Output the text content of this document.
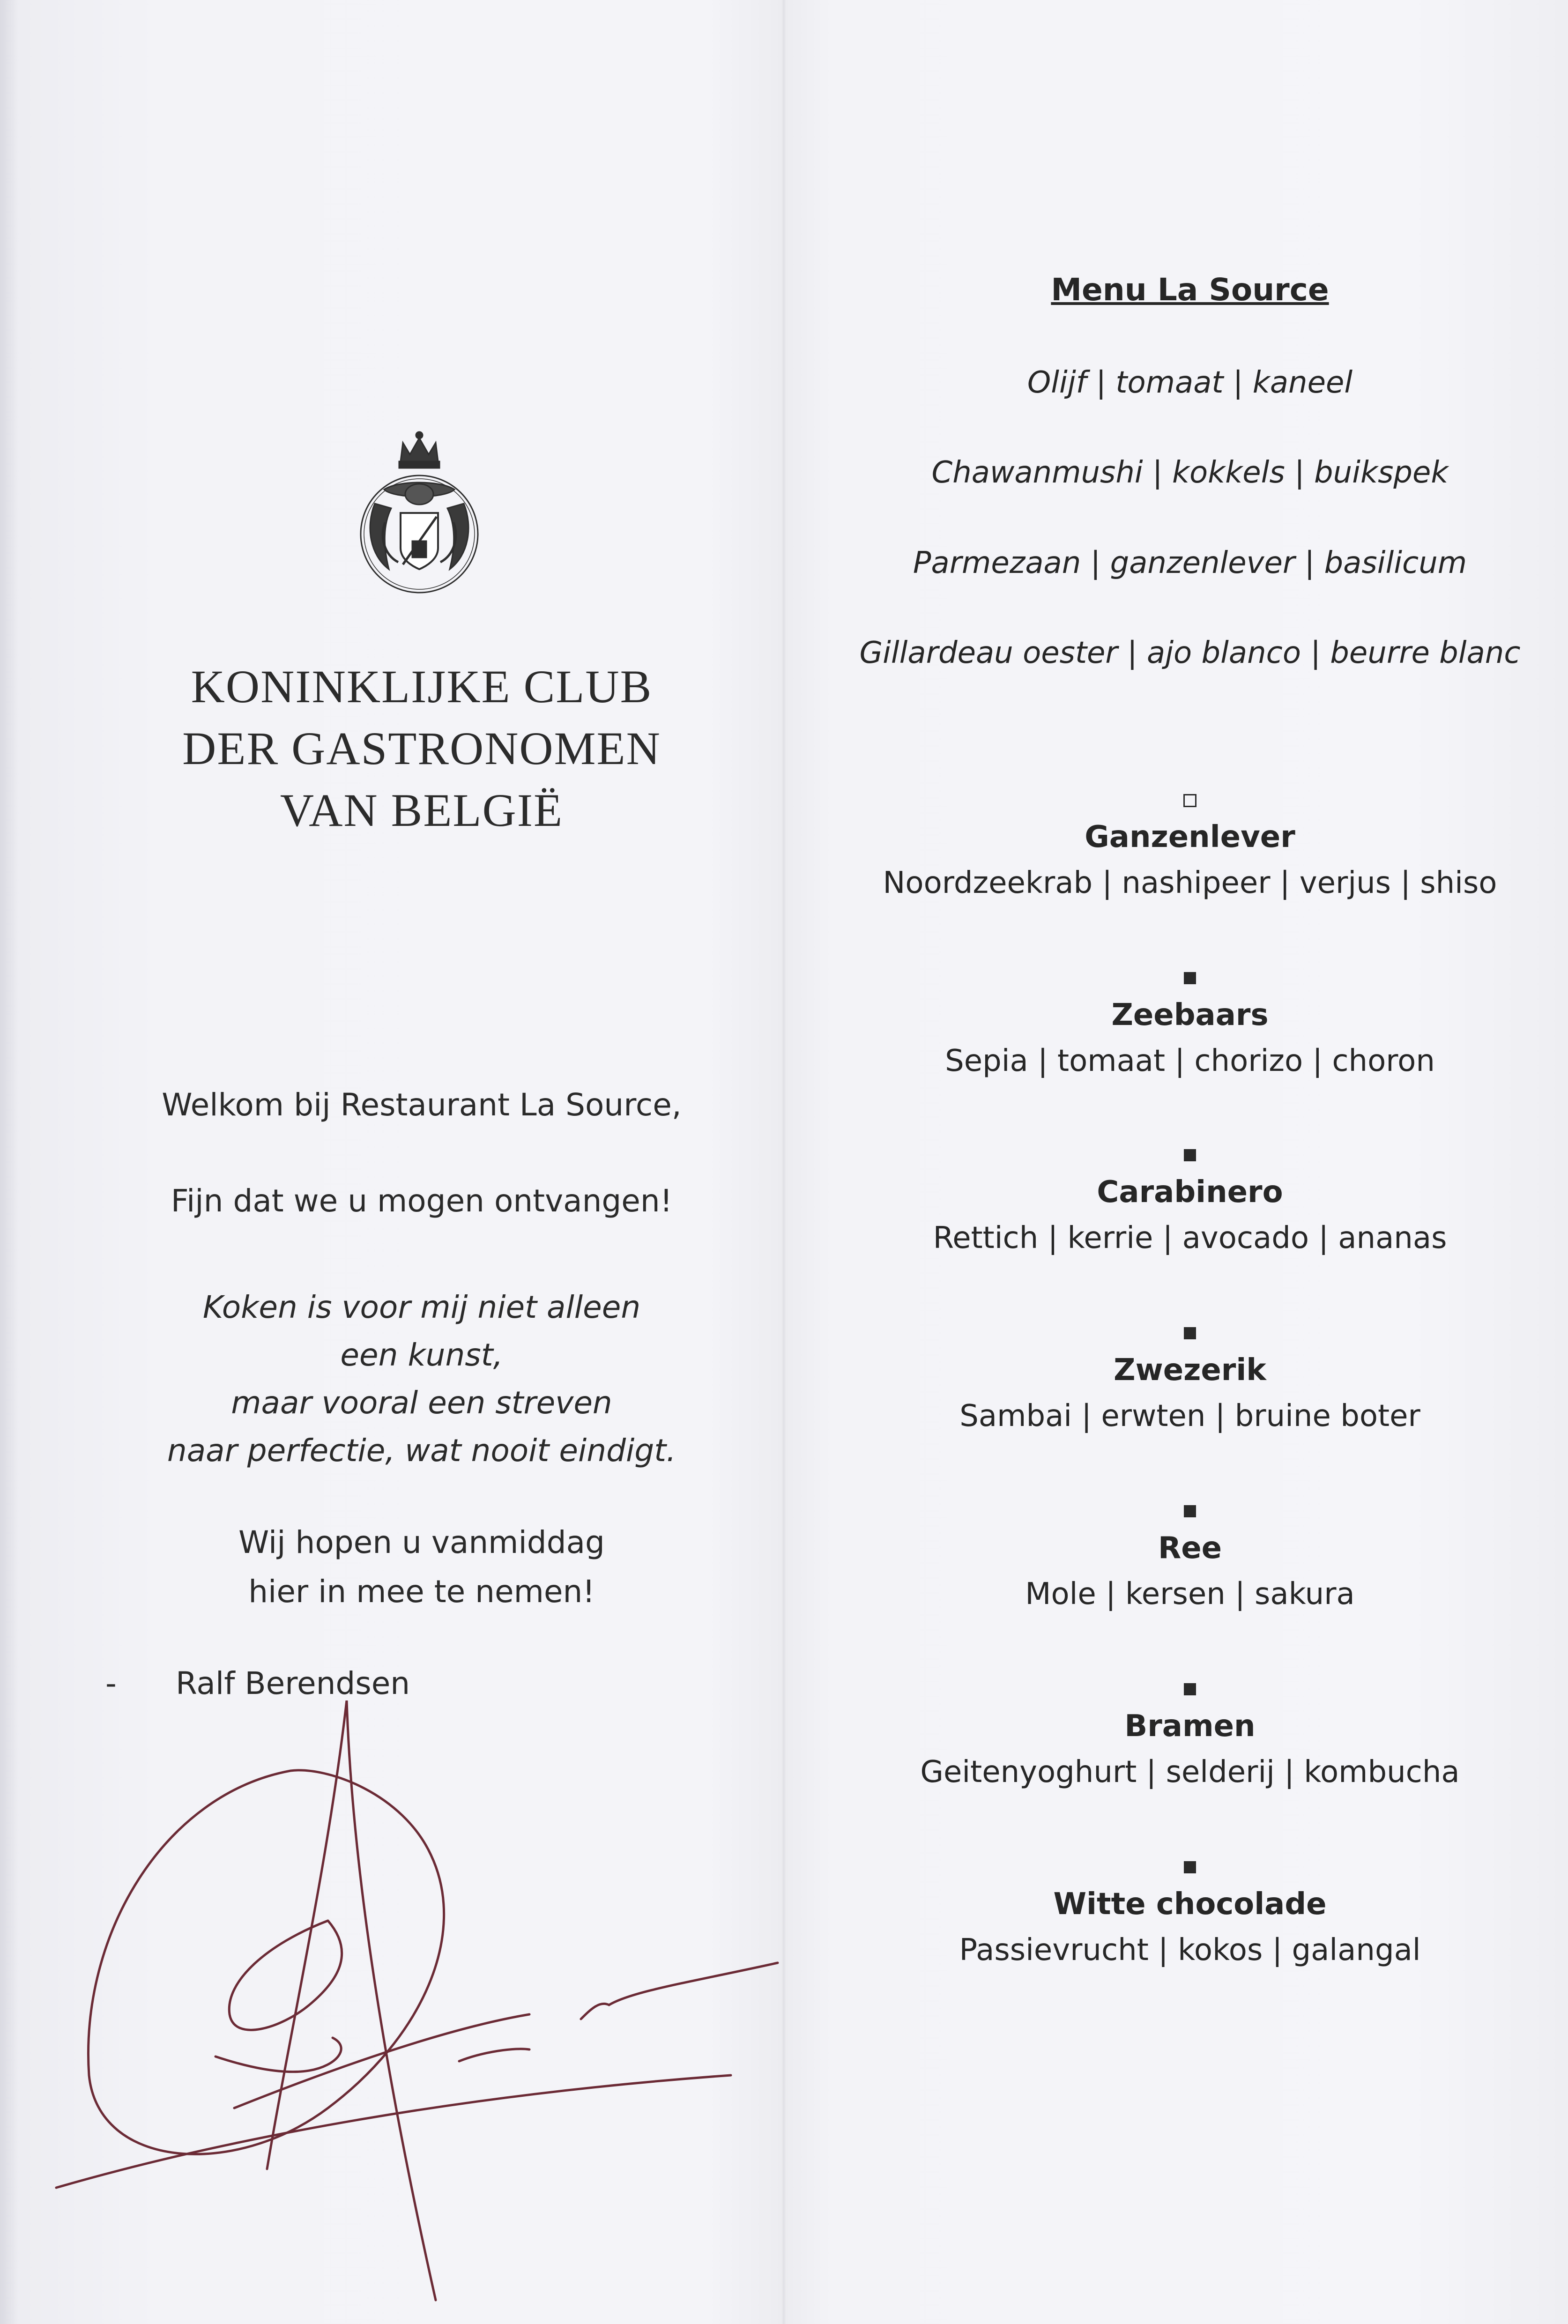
KONINKLIJKE CLUB
DER GASTRONOMEN
VAN BELGIË

Welkom bij Restaurant La Source,

Fijn dat we u mogen ontvangen!

Koken is voor mij niet alleen

een kunst,

maar vooral een streven

naar perfectie, wat nooit eindigt.

Wij hopen u vanmiddag

hier in mee te nemen!

- Ralf Berendsen
Menu La Source
Olijf | tomaat | kaneel
Chawanmushi | kokkels | buikspek
Parmezaan | ganzenlever | basilicum
Gillardeau oester | ajo blanco | beurre blanc
Ganzenlever
Noordzeekrab | nashipeer | verjus | shiso
Zeebaars
Sepia | tomaat | chorizo | choron
Carabinero
Rettich | kerrie | avocado | ananas
Zwezerik
Sambai | erwten | bruine boter
Ree
Mole | kersen | sakura
Bramen
Geitenyoghurt | selderij | kombucha
Witte chocolade
Passievrucht | kokos | galangal
